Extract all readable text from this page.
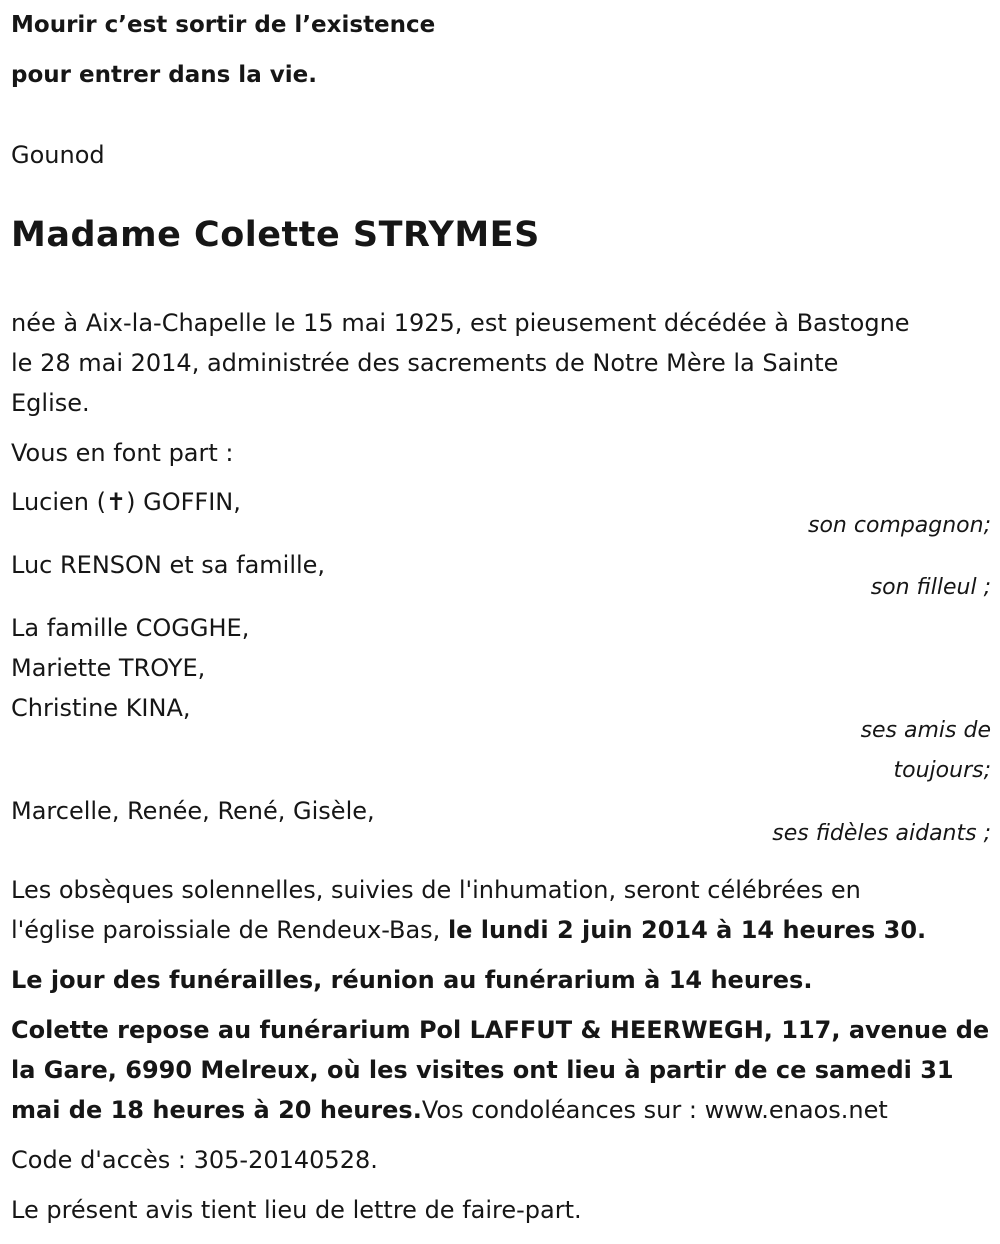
Mourir c’est sortir de l’existence
pour entrer dans la vie.
Gounod
Madame Colette STRYMES
née à Aix-la-Chapelle le 15 mai 1925, est pieusement décédée à Bastogne
le 28 mai 2014, administrée des sacrements de Notre Mère la Sainte
Eglise.
Vous en font part :
Lucien (✝) GOFFIN,
son compagnon;
Luc RENSON et sa famille,
son filleul ;
La famille COGGHE,
Mariette TROYE,
Christine KINA,
ses amis de
toujours;
Marcelle, Renée, René, Gisèle,
ses fidèles aidants ;
Les obsèques solennelles, suivies de l'inhumation, seront célébrées en
l'église paroissiale de Rendeux-Bas, le lundi 2 juin 2014 à 14 heures 30.
Le jour des funérailles, réunion au funérarium à 14 heures.
Colette repose au funérarium Pol LAFFUT & HEERWEGH, 117, avenue de
la Gare, 6990 Melreux, où les visites ont lieu à partir de ce samedi 31
mai de 18 heures à 20 heures.Vos condoléances sur : www.enaos.net
Code d'accès : 305-20140528.
Le présent avis tient lieu de lettre de faire-part.
